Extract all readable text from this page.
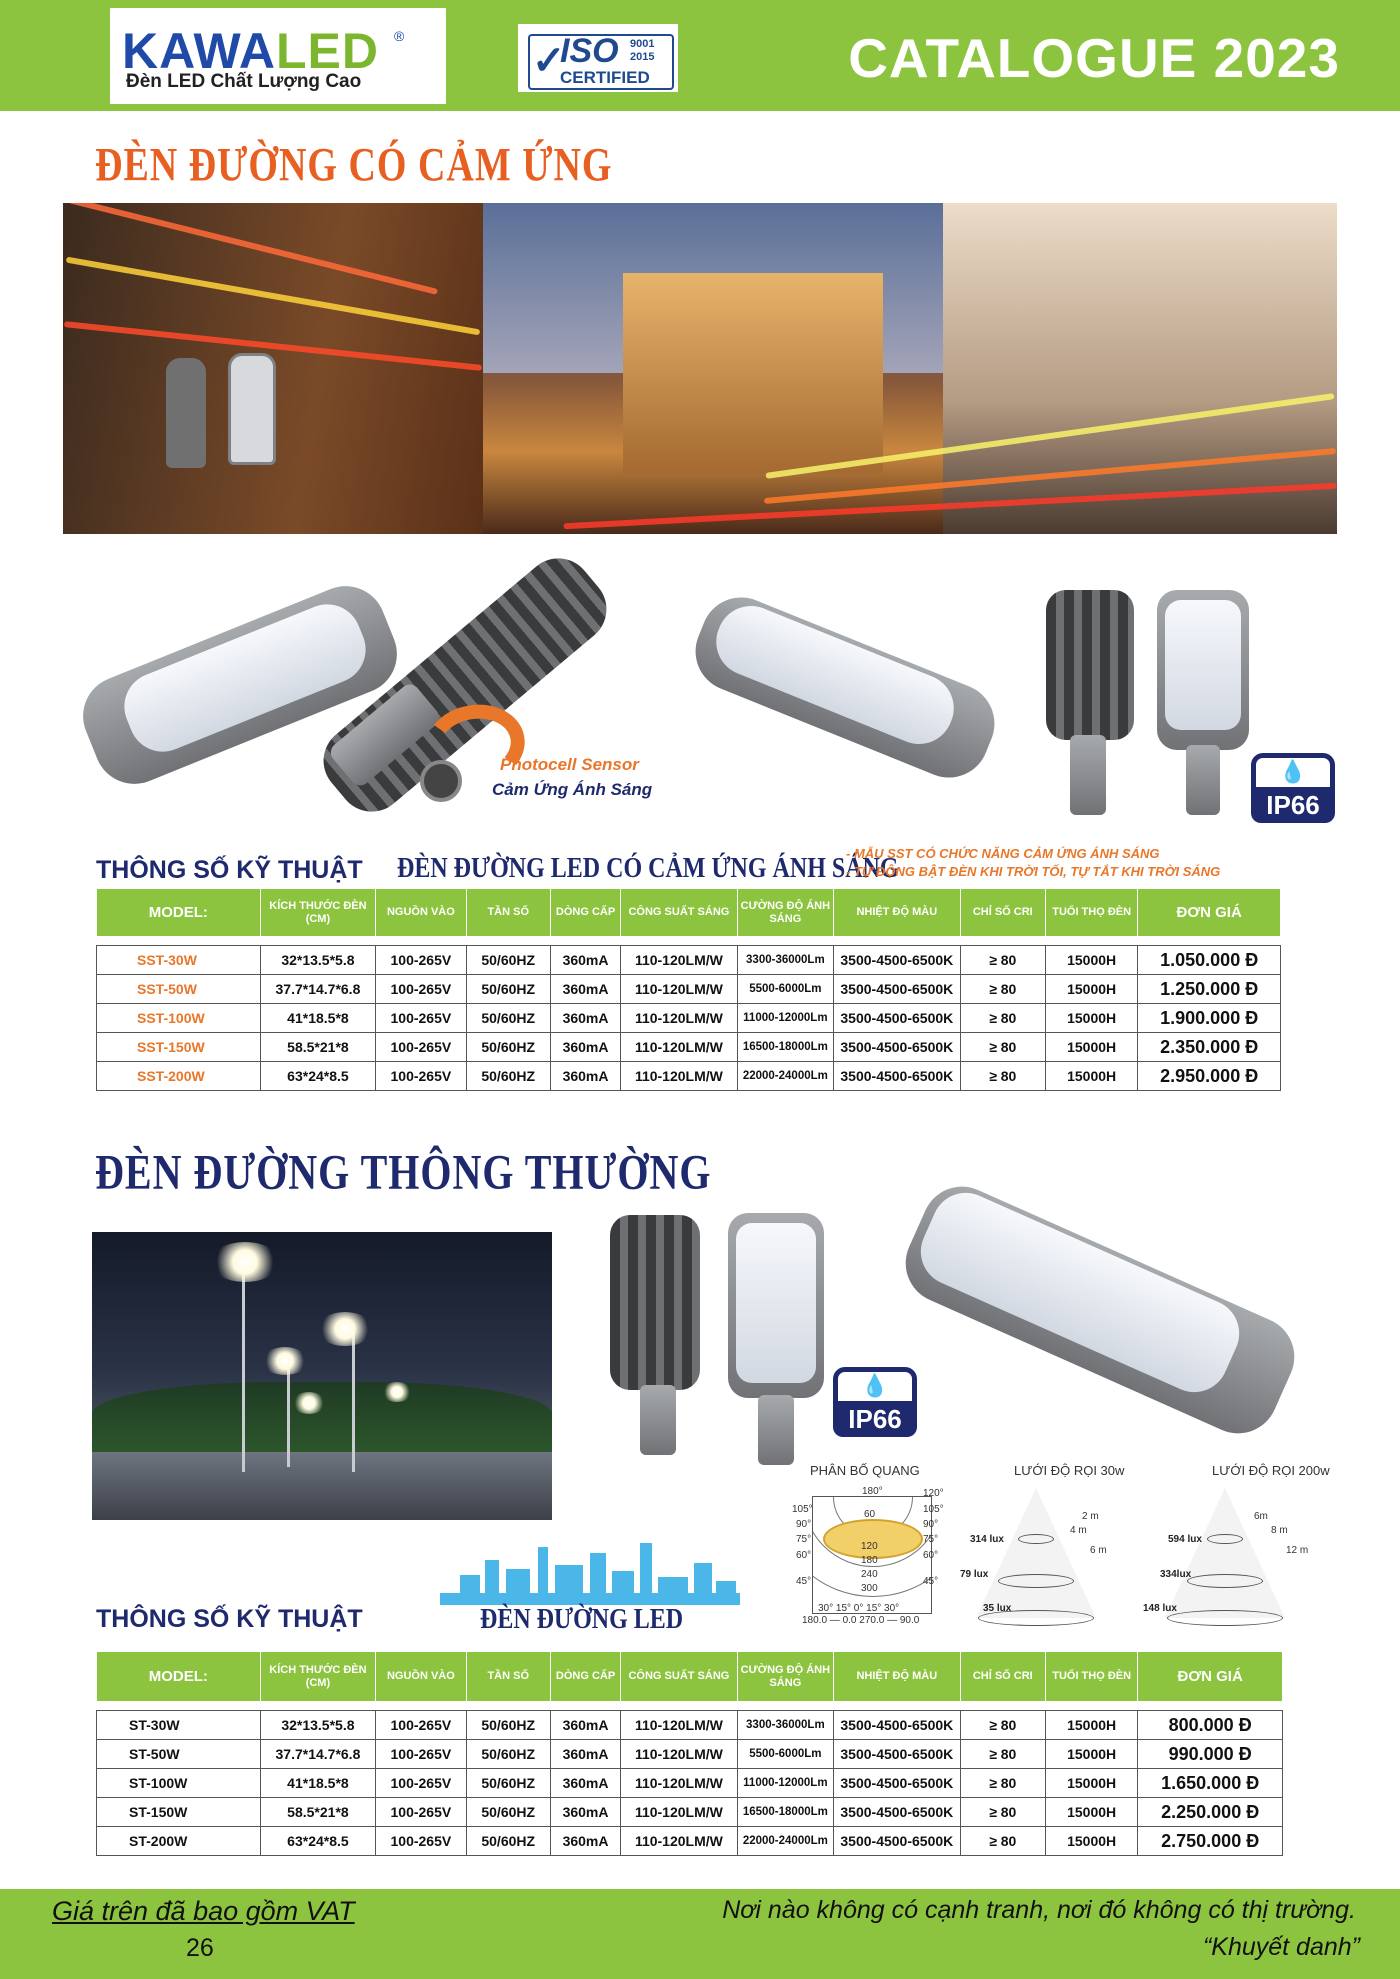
KAWALED ®
Đèn LED Chất Lượng Cao	✓
ISO 9001
2015
CERTIFIED	CATALOGUE 2023
ĐÈN ĐƯỜNG CÓ CẢM ỨNG
Photocell Sensor
Cảm Ứng Ánh Sáng
💧
IP66
THÔNG SỐ KỸ THUẬT ĐÈN ĐƯỜNG LED CÓ CẢM ỨNG ÁNH SÁNG
- MẪU SST CÓ CHỨC NĂNG CẢM ỨNG ÁNH SÁNG
- TỰ ĐỘNG BẬT ĐÈN KHI TRỜI TỐI, TỰ TẮT KHI TRỜI SÁNG
MODEL:	KÍCH THƯỚC ĐÈN (CM)	NGUỒN VÀO	TẦN SỐ	DÒNG CẤP	CÔNG SUẤT SÁNG	CƯỜNG ĐỘ ÁNH SÁNG	NHIỆT ĐỘ MÀU	CHỈ SỐ CRI	TUỔI THỌ ĐÈN	ĐƠN GIÁ

SST-30W	32*13.5*5.8	100-265V	50/60HZ	360mA	110-120LM/W	3300-36000Lm	3500-4500-6500K	≥ 80	15000H	1.050.000 Đ
SST-50W	37.7*14.7*6.8	100-265V	50/60HZ	360mA	110-120LM/W	5500-6000Lm	3500-4500-6500K	≥ 80	15000H	1.250.000 Đ
SST-100W	41*18.5*8	100-265V	50/60HZ	360mA	110-120LM/W	11000-12000Lm	3500-4500-6500K	≥ 80	15000H	1.900.000 Đ
SST-150W	58.5*21*8	100-265V	50/60HZ	360mA	110-120LM/W	16500-18000Lm	3500-4500-6500K	≥ 80	15000H	2.350.000 Đ
SST-200W	63*24*8.5	100-265V	50/60HZ	360mA	110-120LM/W	22000-24000Lm	3500-4500-6500K	≥ 80	15000H	2.950.000 Đ
ĐÈN ĐƯỜNG THÔNG THƯỜNG
💧
IP66
PHÂN BỐ QUANG	LƯỚI ĐỘ RỌI 30w	LƯỚI ĐỘ RỌI 200w
60
120
180
240
300
180°
105°
90°
75°
60°
45°
120°
105°
90°
75°
60°
45°
30° 15° 0° 15° 30°
180.0 — 0.0 270.0 — 90.0
314 lux
79 lux
35 lux
2 m
4 m
6 m
594 lux
334lux
148 lux
6m
8 m
12 m
THÔNG SỐ KỸ THUẬT	ĐÈN ĐƯỜNG LED
MODEL:	KÍCH THƯỚC ĐÈN (CM)	NGUỒN VÀO	TẦN SỐ	DÒNG CẤP	CÔNG SUẤT SÁNG	CƯỜNG ĐỘ ÁNH SÁNG	NHIỆT ĐỘ MÀU	CHỈ SỐ CRI	TUỔI THỌ ĐÈN	ĐƠN GIÁ

ST-30W	32*13.5*5.8	100-265V	50/60HZ	360mA	110-120LM/W	3300-36000Lm	3500-4500-6500K	≥ 80	15000H	800.000 Đ
ST-50W	37.7*14.7*6.8	100-265V	50/60HZ	360mA	110-120LM/W	5500-6000Lm	3500-4500-6500K	≥ 80	15000H	990.000 Đ
ST-100W	41*18.5*8	100-265V	50/60HZ	360mA	110-120LM/W	11000-12000Lm	3500-4500-6500K	≥ 80	15000H	1.650.000 Đ
ST-150W	58.5*21*8	100-265V	50/60HZ	360mA	110-120LM/W	16500-18000Lm	3500-4500-6500K	≥ 80	15000H	2.250.000 Đ
ST-200W	63*24*8.5	100-265V	50/60HZ	360mA	110-120LM/W	22000-24000Lm	3500-4500-6500K	≥ 80	15000H	2.750.000 Đ
Giá trên đã bao gồm VAT
26
Nơi nào không có cạnh tranh, nơi đó không có thị trường.
“Khuyết danh”
